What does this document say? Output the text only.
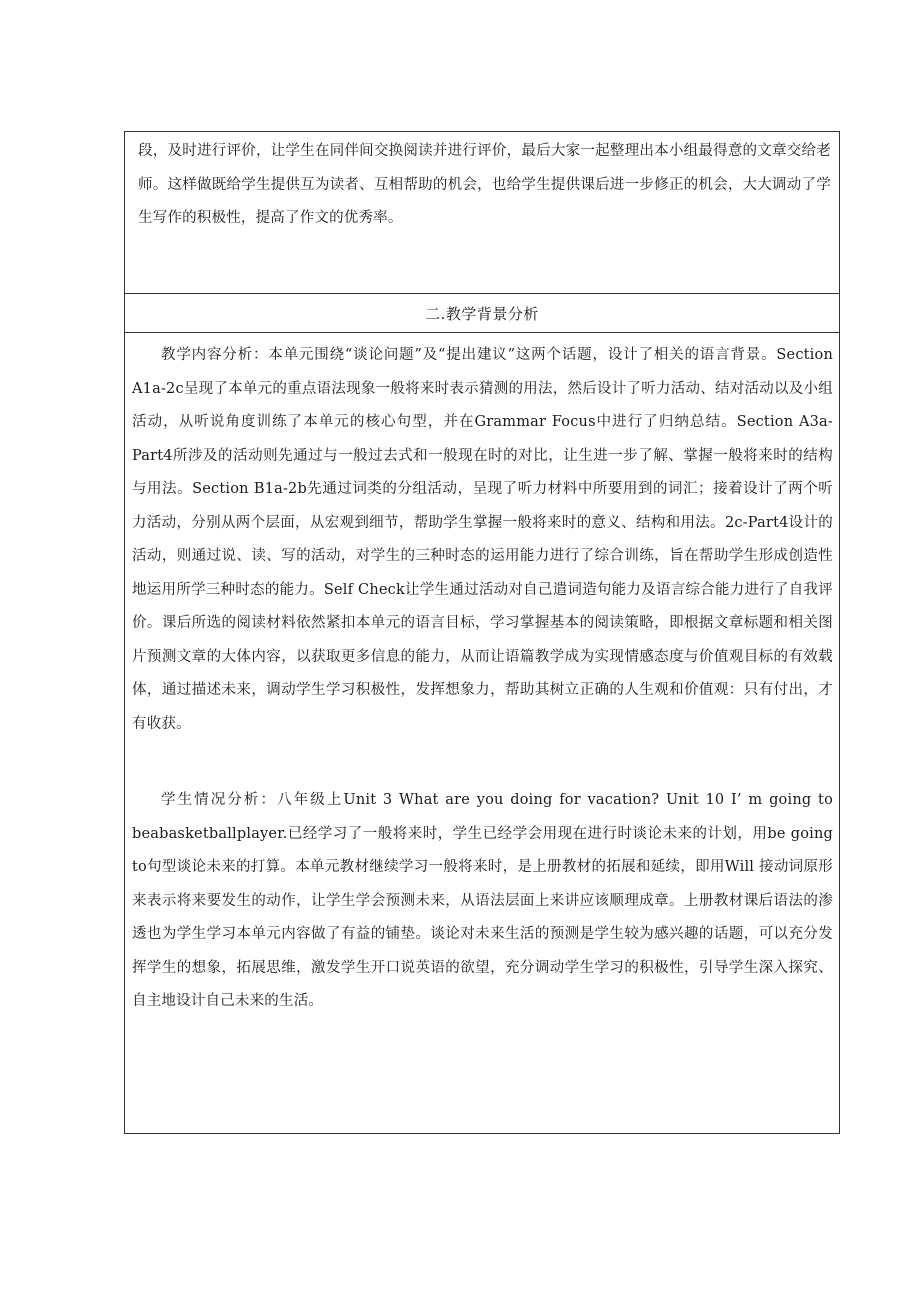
段，及时进行评价，让学生在同伴间交换阅读并进行评价，最后大家一起整理出本小组最得意的文章交给老师。这样做既给学生提供互为读者、互相帮助的机会，也给学生提供课后进一步修正的机会，大大调动了学生写作的积极性，提高了作文的优秀率。

二.教学背景分析

教学内容分析：本单元围绕“谈论问题”及“提出建议”这两个话题，设计了相关的语言背景。Section A1a-2c呈现了本单元的重点语法现象一般将来时表示猜测的用法，然后设计了听力活动、结对活动以及小组活动，从听说角度训练了本单元的核心句型，并在Grammar Focus中进行了归纳总结。Section A3a-Part4所涉及的活动则先通过与一般过去式和一般现在时的对比，让生进一步了解、掌握一般将来时的结构与用法。Section B1a-2b先通过词类的分组活动，呈现了听力材料中所要用到的词汇；接着设计了两个听力活动，分别从两个层面，从宏观到细节，帮助学生掌握一般将来时的意义、结构和用法。2c-Part4设计的活动，则通过说、读、写的活动，对学生的三种时态的运用能力进行了综合训练，旨在帮助学生形成创造性地运用所学三种时态的能力。Self Check让学生通过活动对自己遣词造句能力及语言综合能力进行了自我评价。课后所选的阅读材料依然紧扣本单元的语言目标，学习掌握基本的阅读策略，即根据文章标题和相关图片预测文章的大体内容，以获取更多信息的能力，从而让语篇教学成为实现情感态度与价值观目标的有效载体，通过描述未来，调动学生学习积极性，发挥想象力，帮助其树立正确的人生观和价值观：只有付出，才有收获。

学生情况分析：八年级上Unit 3 What are you doing for vacation? Unit 10 I’ m going to beabasketballplayer.已经学习了一般将来时，学生已经学会用现在进行时谈论未来的计划，用be going to句型谈论未来的打算。本单元教材继续学习一般将来时，是上册教材的拓展和延续，即用Will 接动词原形来表示将来要发生的动作，让学生学会预测未来，从语法层面上来讲应该顺理成章。上册教材课后语法的渗透也为学生学习本单元内容做了有益的铺垫。谈论对未来生活的预测是学生较为感兴趣的话题，可以充分发挥学生的想象，拓展思维，激发学生开口说英语的欲望，充分调动学生学习的积极性，引导学生深入探究、自主地设计自己未来的生活。
